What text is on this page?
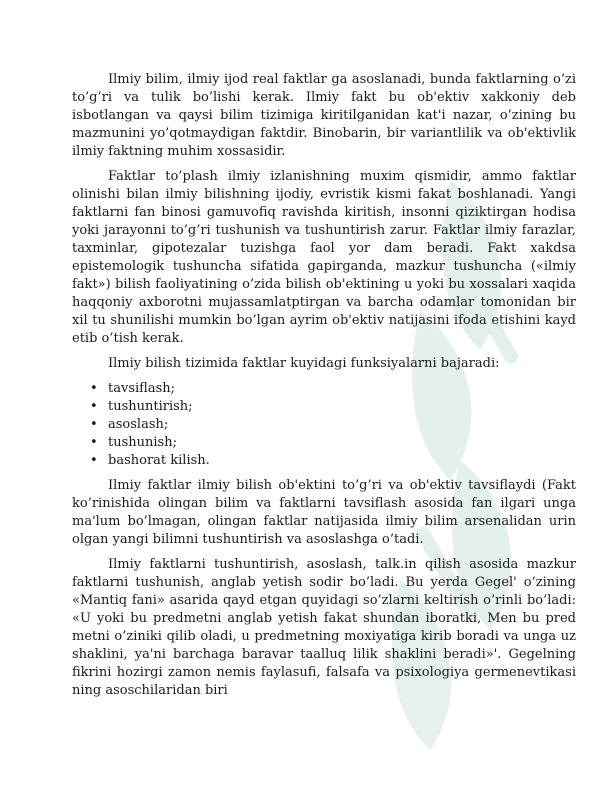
Ilmiy bilim, ilmiy ijod real faktlar ga asoslanadi, bunda faktlarning o’zi to’g’ri va tulik bo’lishi kerak. Ilmiy fakt bu ob'ektiv xakkoniy deb isbotlangan va qaysi bilim tizimiga kiritilganidan kat'i nazar, o’zining bu mazmunini yo’qotmaydigan faktdir. Binobarin, bir variantlilik va ob'ektivlik ilmiy faktning muhim xossasidir.

Faktlar to’plash ilmiy izlanishning muxim qismidir, ammo faktlar olinishi bilan ilmiy bilishning ijodiy, evristik kismi fakat boshlanadi. Yangi faktlarni fan binosi gamuvofiq ravishda kiritish, insonni qiziktirgan hodisa yoki jarayonni to’g’ri tushunish va tushuntirish zarur. Faktlar ilmiy farazlar, taxminlar, gipotezalar tuzishga faol yor dam beradi. Fakt xakdsa epistemologik tushuncha sifatida gapirganda, mazkur tushuncha («ilmiy fakt») bilish faoliyatining o’zida bilish ob'ektining u yoki bu xossalari xaqida haqqoniy axborotni mujassamlatptirgan va barcha odamlar tomonidan bir xil tu shunilishi mumkin bo’lgan ayrim ob'ektiv natijasini ifoda etishini kayd etib o’tish kerak.

Ilmiy bilish tizimida faktlar kuyidagi funksiyalarni bajaradi:

• tavsiflash;
• tushuntirish;
• asoslash;
• tushunish;
• bashorat kilish.

Ilmiy faktlar ilmiy bilish ob'ektini to’g’ri va ob'ektiv tavsiflaydi (Fakt ko’rinishida olingan bilim va faktlarni tavsiflash asosida fan ilgari unga ma'lum bo’lmagan, olingan faktlar natijasida ilmiy bilim arsenalidan urin olgan yangi bilimni tushuntirish va asoslashga o’tadi.

Ilmiy faktlarni tushuntirish, asoslash, talk.in qilish asosida mazkur faktlarni tushunish, anglab yetish sodir bo’ladi. Bu yerda Gegel' o’zining «Mantiq fani» asarida qayd etgan quyidagi so’zlarni keltirish o’rinli bo’ladi: «U yoki bu predmetni anglab yetish fakat shundan iboratki, Men bu pred metni o’ziniki qilib oladi, u predmetning moxiyatiga kirib boradi va unga uz shaklini, ya'ni barchaga baravar taalluq lilik shaklini beradi»'. Gegelning fikrini hozirgi zamon nemis faylasufi, falsafa va psixologiya germenevtikasi ning asoschilaridan biri
